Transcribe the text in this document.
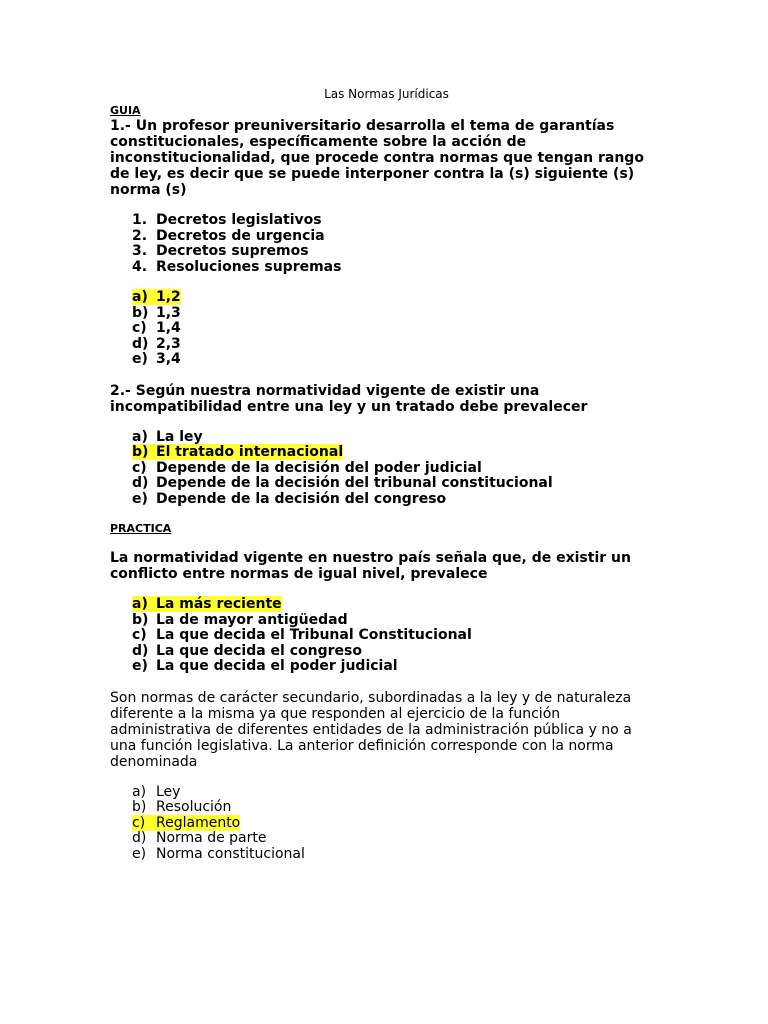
Las Normas Jurídicas

GUIA

1.- Un profesor preuniversitario desarrolla el tema de garantías constitucionales, específicamente sobre la acción de inconstitucionalidad, que procede contra normas que tengan rango de ley, es decir que se puede interponer contra la (s) siguiente (s) norma (s)

1. Decretos legislativos
2. Decretos de urgencia
3. Decretos supremos
4. Resoluciones supremas
a) 1,2
b) 1,3
c) 1,4
d) 2,3
e) 3,4

2.- Según nuestra normatividad vigente de existir una incompatibilidad entre una ley y un tratado debe prevalecer

a) La ley
b) El tratado internacional
c) Depende de la decisión del poder judicial
d) Depende de la decisión del tribunal constitucional
e) Depende de la decisión del congreso

PRACTICA

La normatividad vigente en nuestro país señala que, de existir un conflicto entre normas de igual nivel, prevalece

a) La más reciente
b) La de mayor antigüedad
c) La que decida el Tribunal Constitucional
d) La que decida el congreso
e) La que decida el poder judicial

Son normas de carácter secundario, subordinadas a la ley y de naturaleza diferente a la misma ya que responden al ejercicio de la función administrativa de diferentes entidades de la administración pública y no a una función legislativa. La anterior definición corresponde con la norma denominada

a) Ley
b) Resolución
c) Reglamento
d) Norma de parte
e) Norma constitucional
